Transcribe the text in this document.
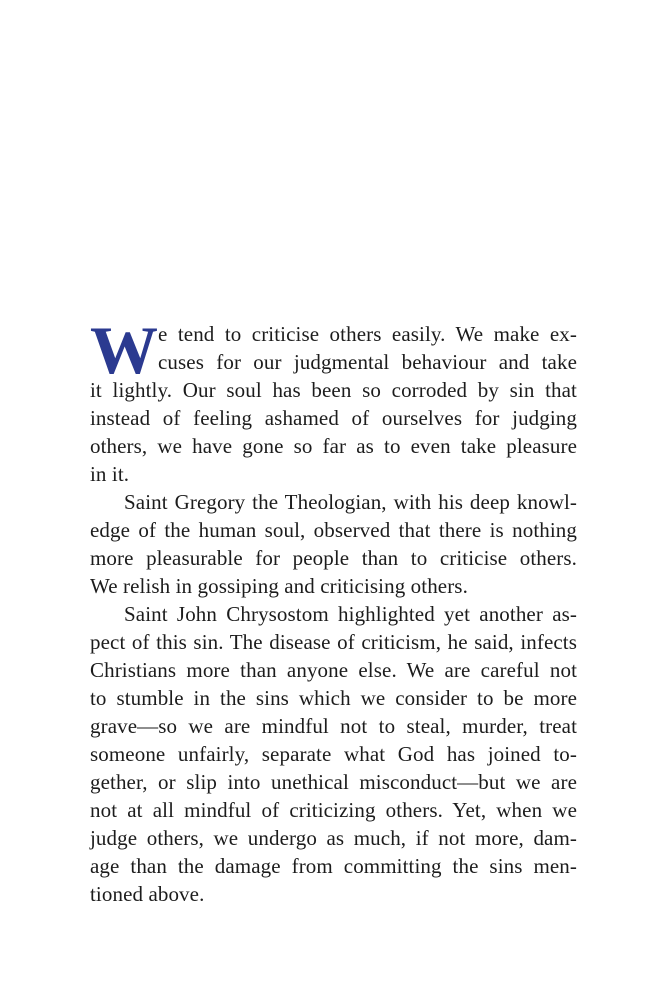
W e tend to criticise others easily. We make ex-
cuses for our judgmental behaviour and take
it lightly. Our soul has been so corroded by sin that
instead of feeling ashamed of ourselves for judging
others, we have gone so far as to even take pleasure
in it.
Saint Gregory the Theologian, with his deep knowl-
edge of the human soul, observed that there is nothing
more pleasurable for people than to criticise others.
We relish in gossiping and criticising others.
Saint John Chrysostom highlighted yet another as-
pect of this sin. The disease of criticism, he said, infects
Christians more than anyone else. We are careful not
to stumble in the sins which we consider to be more
grave—so we are mindful not to steal, murder, treat
someone unfairly, separate what God has joined to-
gether, or slip into unethical misconduct—but we are
not at all mindful of criticizing others. Yet, when we
judge others, we undergo as much, if not more, dam-
age than the damage from committing the sins men-
tioned above.
